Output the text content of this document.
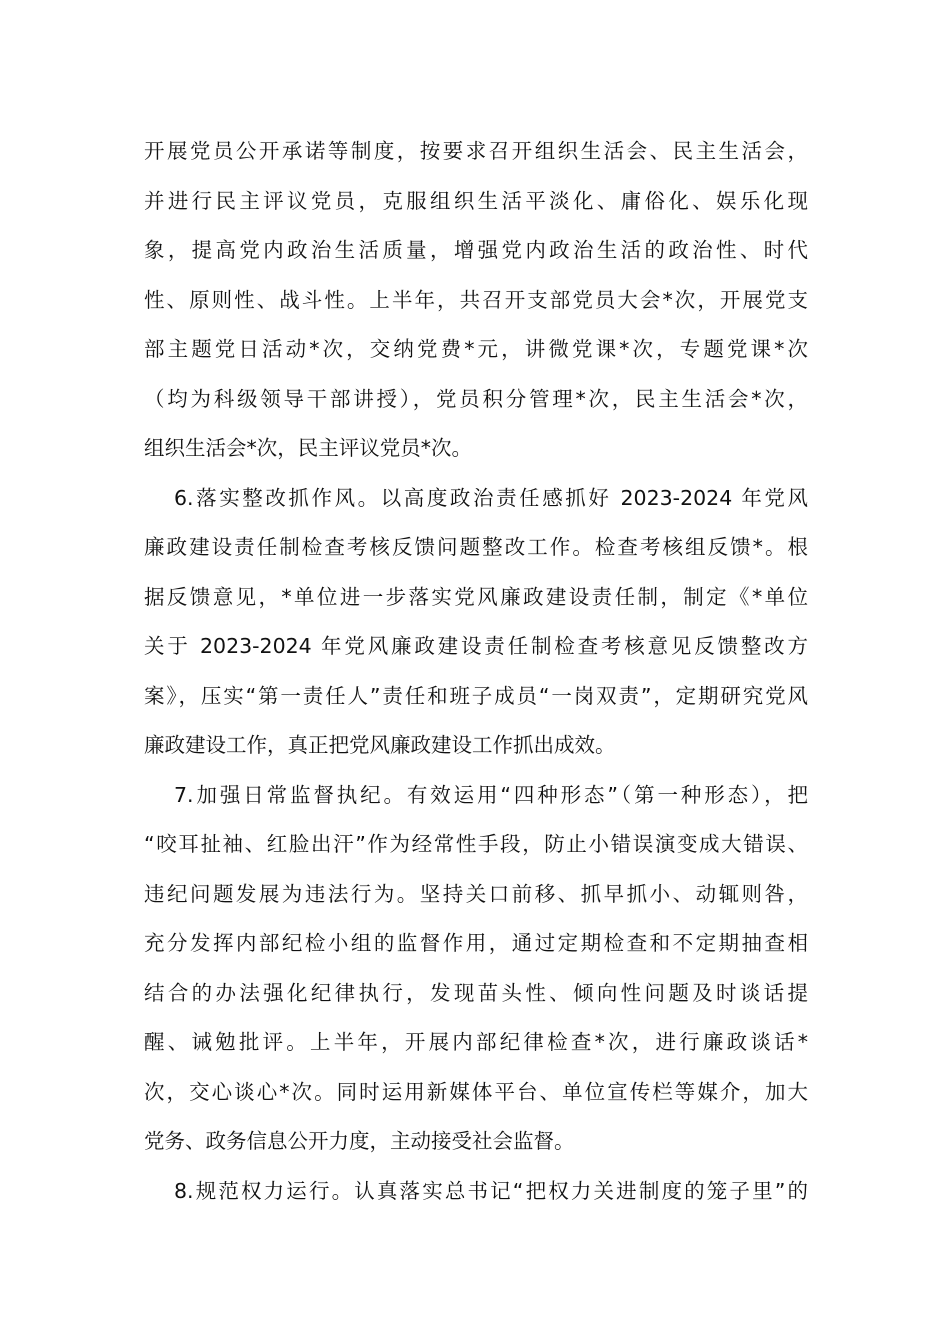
开展党员公开承诺等制度，按要求召开组织生活会、民主生活会，
并进行民主评议党员，克服组织生活平淡化、庸俗化、娱乐化现
象，提高党内政治生活质量，增强党内政治生活的政治性、时代
性、原则性、战斗性。上半年，共召开支部党员大会*次，开展党支
部主题党日活动*次，交纳党费*元，讲微党课*次，专题党课*次
（均为科级领导干部讲授），党员积分管理*次，民主生活会*次，
组织生活会*次，民主评议党员*次。
6.落实整改抓作风。以高度政治责任感抓好 2023-2024 年党风
廉政建设责任制检查考核反馈问题整改工作。检查考核组反馈*。根
据反馈意见，*单位进一步落实党风廉政建设责任制，制定《*单位
关于 2023-2024 年党风廉政建设责任制检查考核意见反馈整改方
案》，压实“第一责任人”责任和班子成员“一岗双责”，定期研究党风
廉政建设工作，真正把党风廉政建设工作抓出成效。
7.加强日常监督执纪。有效运用“四种形态”（第一种形态），把
“咬耳扯袖、红脸出汗”作为经常性手段，防止小错误演变成大错误、
违纪问题发展为违法行为。坚持关口前移、抓早抓小、动辄则咎，
充分发挥内部纪检小组的监督作用，通过定期检查和不定期抽查相
结合的办法强化纪律执行，发现苗头性、倾向性问题及时谈话提
醒、诫勉批评。上半年，开展内部纪律检查*次，进行廉政谈话*
次，交心谈心*次。同时运用新媒体平台、单位宣传栏等媒介，加大
党务、政务信息公开力度，主动接受社会监督。
8.规范权力运行。认真落实总书记“把权力关进制度的笼子里”的
